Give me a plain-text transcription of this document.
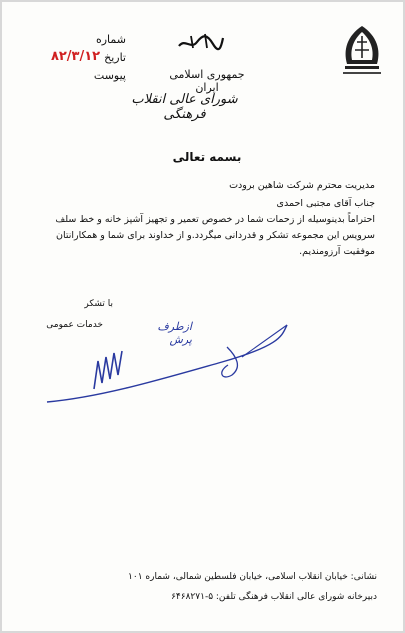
جمهوری اسلامی ایران
شورای عالی انقلاب فرهنگی
شماره
تاریخ
۸۲/۳/۱۲
پیوست
بسمه تعالی
مدیریت محترم شرکت شاهین برودت
جناب آقای مجتبی احمدی
احتراماً بدینوسیله از زحمات شما در خصوص تعمیر و تجهیز آشپز خانه و خط سلف سرویس این مجموعه تشکر و قدردانی میگردد.و از خداوند برای شما و همکارانتان موفقیت آرزومندیم.
با تشکر
خدمات عمومی	ازطرف پرش
نشانی: خیابان انقلاب اسلامی، خیابان فلسطین شمالی، شماره ۱۰۱
دبیرخانه شورای عالی انقلاب فرهنگی تلفن: ۵-۶۴۶۸۲۷۱
